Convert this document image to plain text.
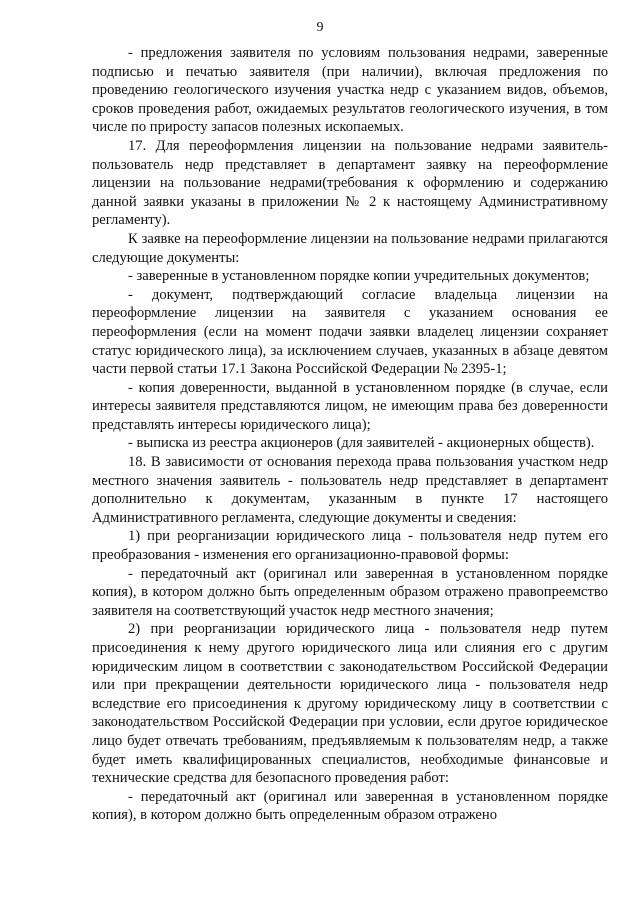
9

- предложения заявителя по условиям пользования недрами, заверенные подписью и печатью заявителя (при наличии), включая предложения по проведению геологического изучения участка недр с указанием видов, объемов, сроков проведения работ, ожидаемых результатов геологического изучения, в том числе по приросту запасов полезных ископаемых.

17. Для переоформления лицензии на пользование недрами заявитель-пользователь недр представляет в департамент заявку на переоформление лицензии на пользование недрами(требования к оформлению и содержанию данной заявки указаны в приложении № 2 к настоящему Административному регламенту).

К заявке на переоформление лицензии на пользование недрами прилагаются следующие документы:

- заверенные в установленном порядке копии учредительных документов;

- документ, подтверждающий согласие владельца лицензии на переоформление лицензии на заявителя с указанием основания ее переоформления (если на момент подачи заявки владелец лицензии сохраняет статус юридического лица), за исключением случаев, указанных в абзаце девятом части первой статьи 17.1 Закона Российской Федерации № 2395-1;

- копия доверенности, выданной в установленном порядке (в случае, если интересы заявителя представляются лицом, не имеющим права без доверенности представлять интересы юридического лица);

- выписка из реестра акционеров (для заявителей - акционерных обществ).

18. В зависимости от основания перехода права пользования участком недр местного значения заявитель - пользователь недр представляет в департамент дополнительно к документам, указанным в пункте 17 настоящего Административного регламента, следующие документы и сведения:

1) при реорганизации юридического лица - пользователя недр путем его преобразования - изменения его организационно-правовой формы:

- передаточный акт (оригинал или заверенная в установленном порядке копия), в котором должно быть определенным образом отражено правопреемство заявителя на соответствующий участок недр местного значения;

2) при реорганизации юридического лица - пользователя недр путем присоединения к нему другого юридического лица или слияния его с другим юридическим лицом в соответствии с законодательством Российской Федерации или при прекращении деятельности юридического лица - пользователя недр вследствие его присоединения к другому юридическому лицу в соответствии с законодательством Российской Федерации при условии, если другое юридическое лицо будет отвечать требованиям, предъявляемым к пользователям недр, а также будет иметь квалифицированных специалистов, необходимые финансовые и технические средства для безопасного проведения работ:

- передаточный акт (оригинал или заверенная в установленном порядке копия), в котором должно быть определенным образом отражено
